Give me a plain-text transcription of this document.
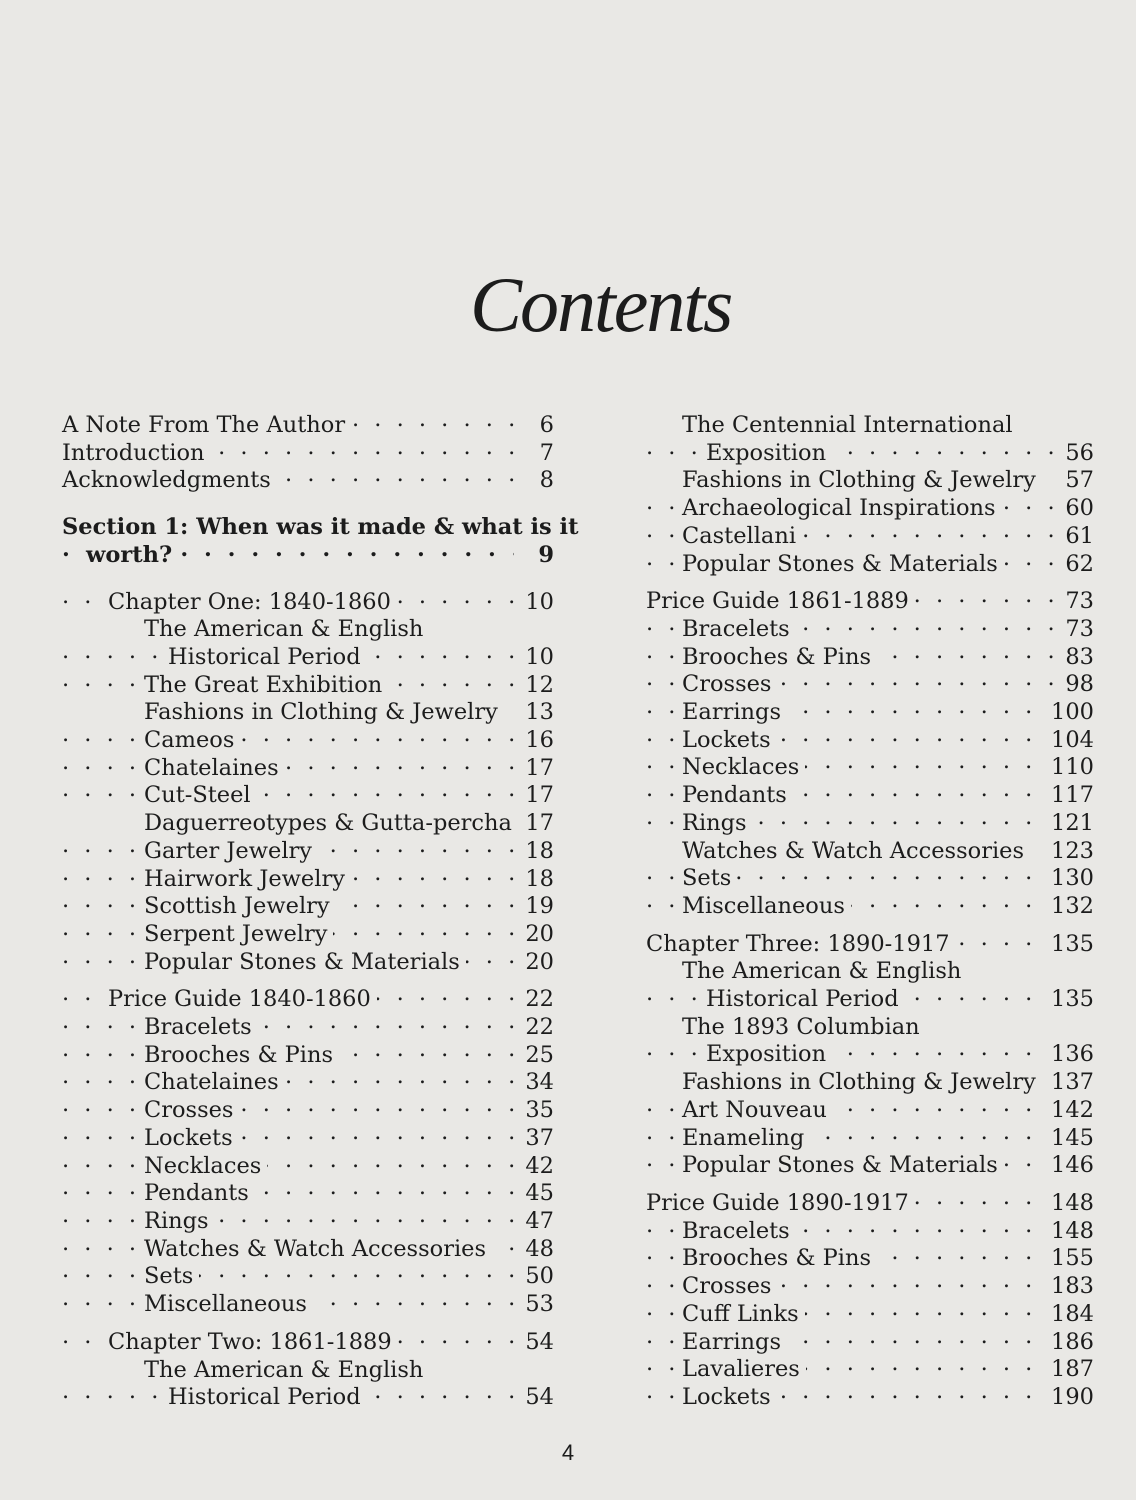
Contents
. . .
A Note From The Author	6
. . .
Introduction	7
. . .
Acknowledgments	8
Section 1: When was it made & what is it
. . .
worth?	9
. . .
Chapter One: 1840-1860	10
The American & English
. . .
Historical Period	10
. . .
The Great Exhibition	12
Fashions in Clothing & Jewelry 13
. . .
Cameos	16
. . .
Chatelaines	17
. . .
Cut-Steel	17
Daguerreotypes & Gutta-percha 17
. . .
Garter Jewelry	18
. . .
Hairwork Jewelry	18
. . .
Scottish Jewelry	19
. . .
Serpent Jewelry	20
. . .
Popular Stones & Materials	20
. . .
Price Guide 1840-1860	22
. . .
Bracelets	22
. . .
Brooches & Pins	25
. . .
Chatelaines	34
. . .
Crosses	35
. . .
Lockets	37
. . .
Necklaces	42
. . .
Pendants	45
. . .
Rings	47
. . .
Watches & Watch Accessories 48
. . .
Sets	50
. . .
Miscellaneous	53
. . .
Chapter Two: 1861-1889	54
The American & English
. . .
Historical Period	54
The Centennial International
. . .
Exposition	56
Fashions in Clothing & Jewelry 57
. . .
Archaeological Inspirations	60
. . .
Castellani	61
. . .
Popular Stones & Materials	62
. . .
Price Guide 1861-1889	73
. . .
Bracelets	73
. . .
Brooches & Pins	83
. . .
Crosses	98
. . .
Earrings	100
. . .
Lockets	104
. . .
Necklaces	110
. . .
Pendants	117
. . .
Rings	121
Watches & Watch Accessories 123
. . .
Sets	130
. . .
Miscellaneous	132
. . .
Chapter Three: 1890-1917	135
The American & English
. . .
Historical Period	135
The 1893 Columbian
. . .
Exposition	136
Fashions in Clothing & Jewelry 137
. . .
Art Nouveau	142
. . .
Enameling	145
. . .
Popular Stones & Materials 146
. . .
Price Guide 1890-1917	148
. . .
Bracelets	148
. . .
Brooches & Pins	155
. . .
Crosses	183
. . .
Cuff Links	184
. . .
Earrings	186
. . .
Lavalieres	187
. . .
Lockets	190
4
